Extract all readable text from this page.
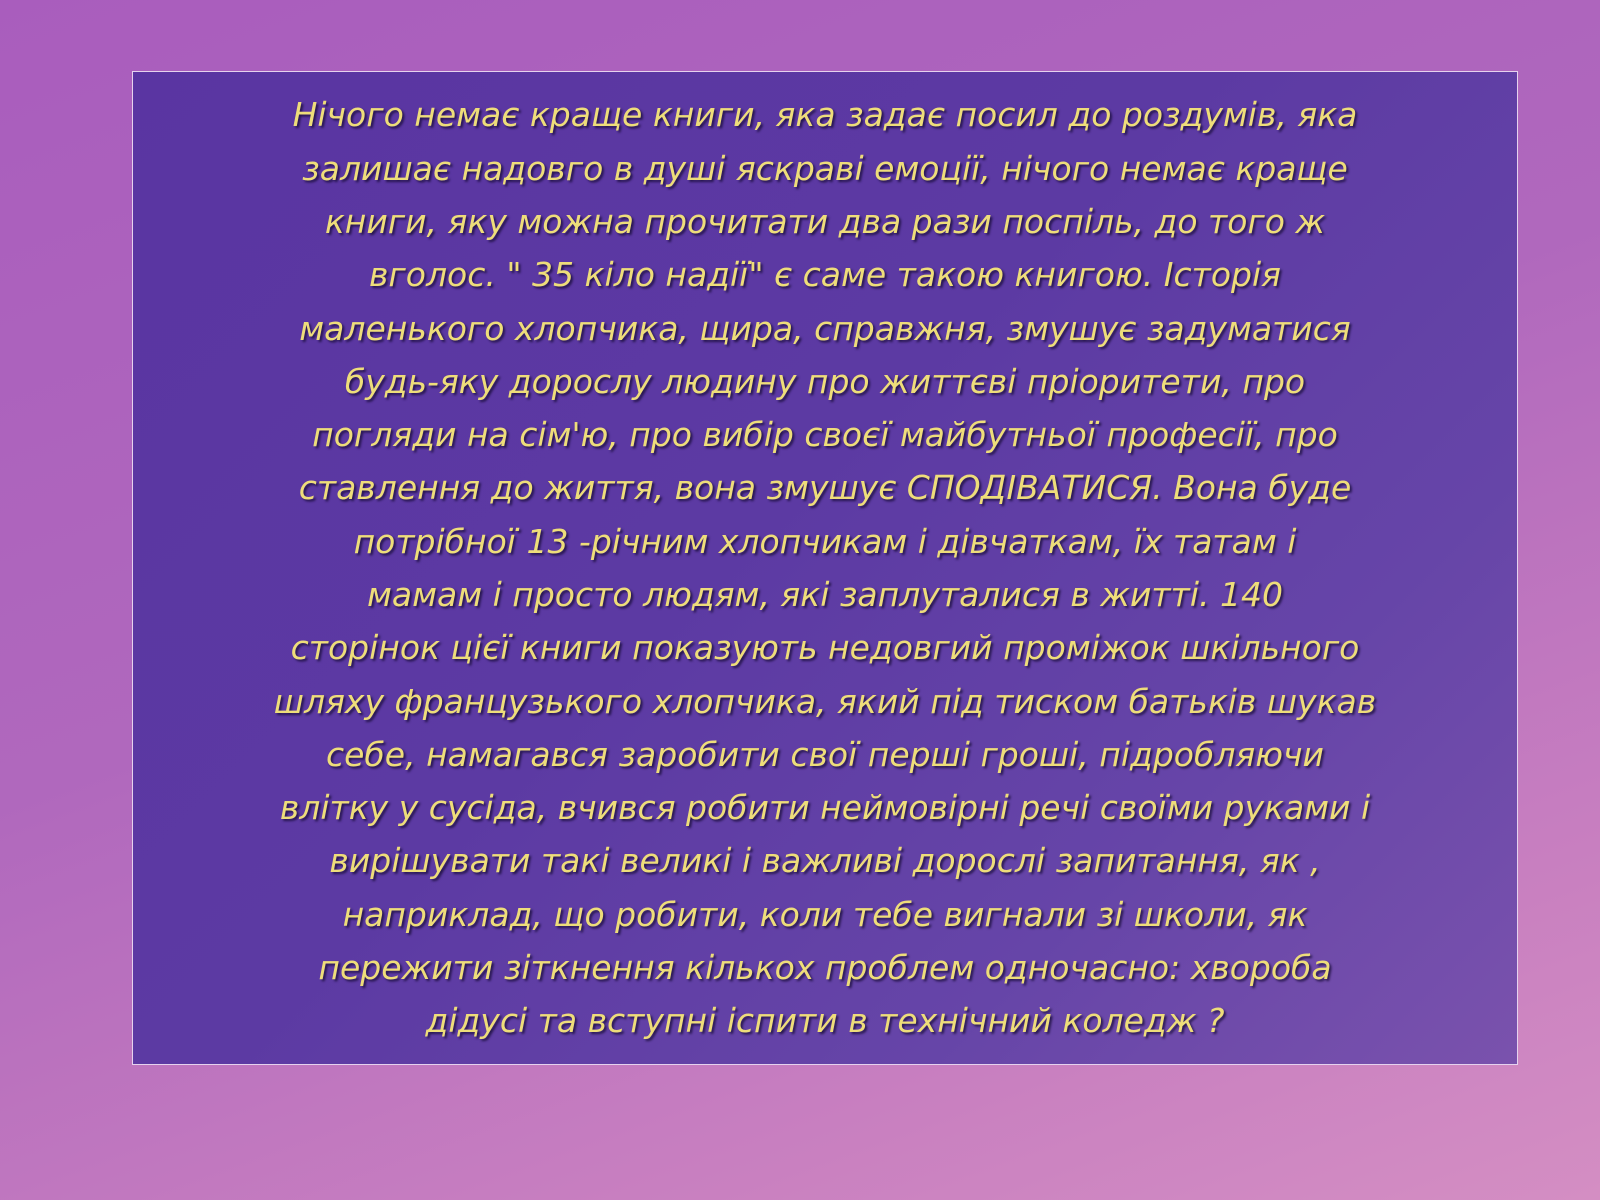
Нічого немає краще книги, яка задає посил до роздумів, яка залишає надовго в душі яскраві емоції, нічого немає краще книги, яку можна прочитати два рази поспіль, до того ж вголос. " 35 кіло надії" є саме такою книгою. Історія маленького хлопчика, щира, справжня, змушує задуматися будь-яку дорослу людину про життєві пріоритети, про погляди на сім'ю, про вибір своєї майбутньої професії, про ставлення до життя, вона змушує СПОДІВАТИСЯ. Вона буде потрібної 13 -річним хлопчикам і дівчаткам, їх татам і мамам і просто людям, які заплуталися в житті. 140 сторінок цієї книги показують недовгий проміжок шкільного шляху французького хлопчика, який під тиском батьків шукав себе, намагався заробити свої перші гроші, підробляючи влітку у сусіда, вчився робити неймовірні речі своїми руками і вирішувати такі великі і важливі дорослі запитання, як , наприклад, що робити, коли тебе вигнали зі школи, як пережити зіткнення кількох проблем одночасно: хвороба дідусі та вступні іспити в технічний коледж ?
